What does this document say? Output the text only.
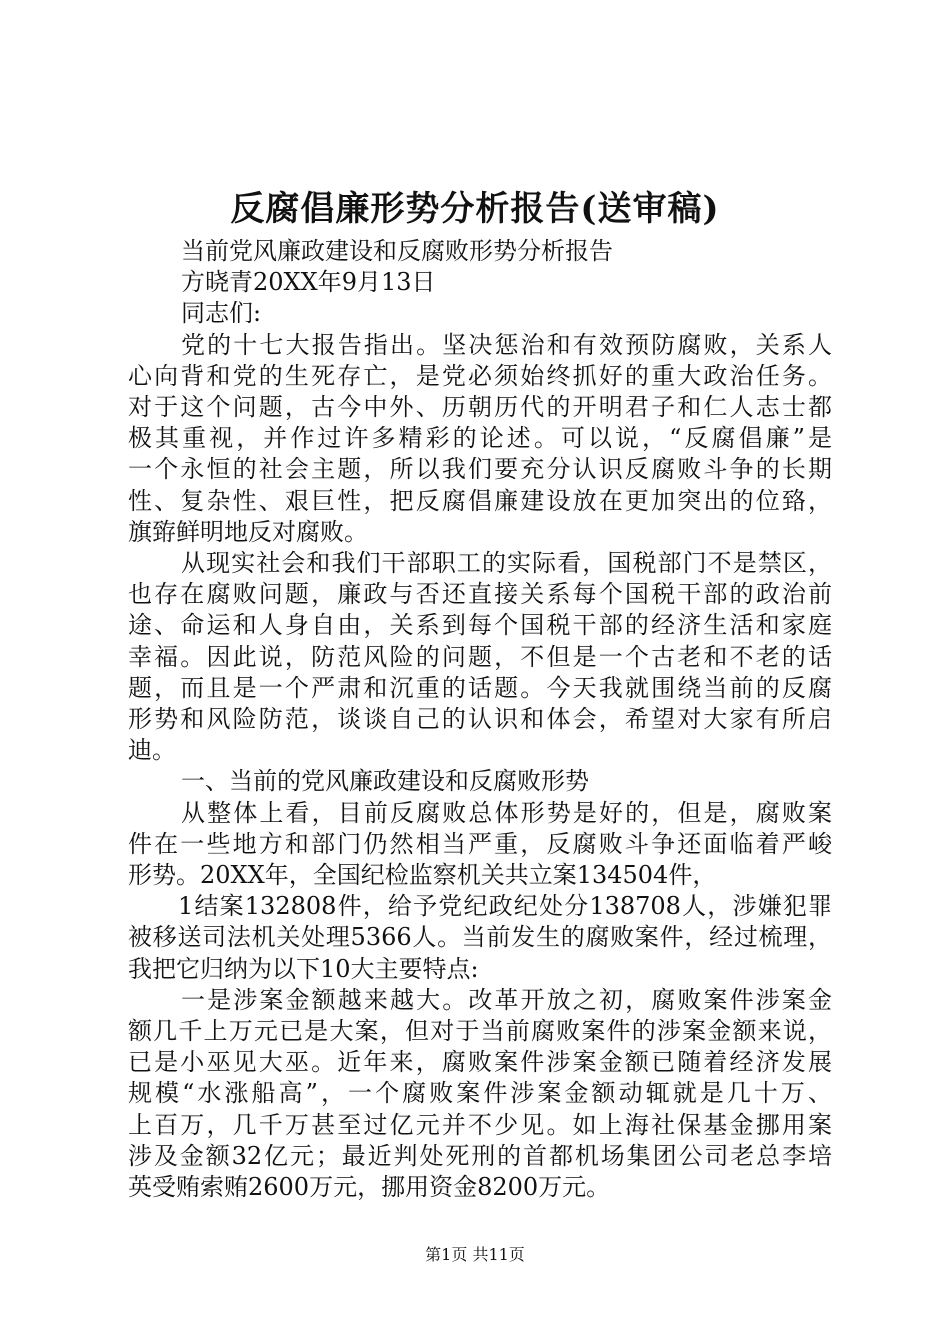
反腐倡廉形势分析报告(送审稿)

当前党风廉政建设和反腐败形势分析报告

方晓青20XX年9月13日

同志们:

党的十七大报告指出。坚决惩治和有效预防腐败，关系人

心向背和党的生死存亡，是党必须始终抓好的重大政治任务。

对于这个问题，古今中外、历朝历代的开明君子和仁人志士都

极其重视，并作过许多精彩的论述。可以说，“反腐倡廉”是

一个永恒的社会主题，所以我们要充分认识反腐败斗争的长期

性、复杂性、艰巨性，把反腐倡廉建设放在更加突出的位臵，

旗臶鲜明地反对腐败。

从现实社会和我们干部职工的实际看，国税部门不是禁区，

也存在腐败问题，廉政与否还直接关系每个国税干部的政治前

途、命运和人身自由，关系到每个国税干部的经济生活和家庭

幸福。因此说，防范风险的问题，不但是一个古老和不老的话

题，而且是一个严肃和沉重的话题。今天我就围绕当前的反腐

形势和风险防范，谈谈自己的认识和体会，希望对大家有所启

迪。

一、当前的党风廉政建设和反腐败形势

从整体上看，目前反腐败总体形势是好的，但是，腐败案

件在一些地方和部门仍然相当严重，反腐败斗争还面临着严峻

形势。20XX年，全国纪检监察机关共立案134504件，

1结案132808件，给予党纪政纪处分138708人，涉嫌犯罪

被移送司法机关处理5366人。当前发生的腐败案件，经过梳理，

我把它归纳为以下10大主要特点:

一是涉案金额越来越大。改革开放之初，腐败案件涉案金

额几千上万元已是大案，但对于当前腐败案件的涉案金额来说，

已是小巫见大巫。近年来，腐败案件涉案金额已随着经济发展

规模“水涨船高”，一个腐败案件涉案金额动辄就是几十万、

上百万，几千万甚至过亿元并不少见。如上海社保基金挪用案

涉及金额32亿元；最近判处死刑的首都机场集团公司老总李培

英受贿索贿2600万元，挪用资金8200万元。

第1页 共11页
